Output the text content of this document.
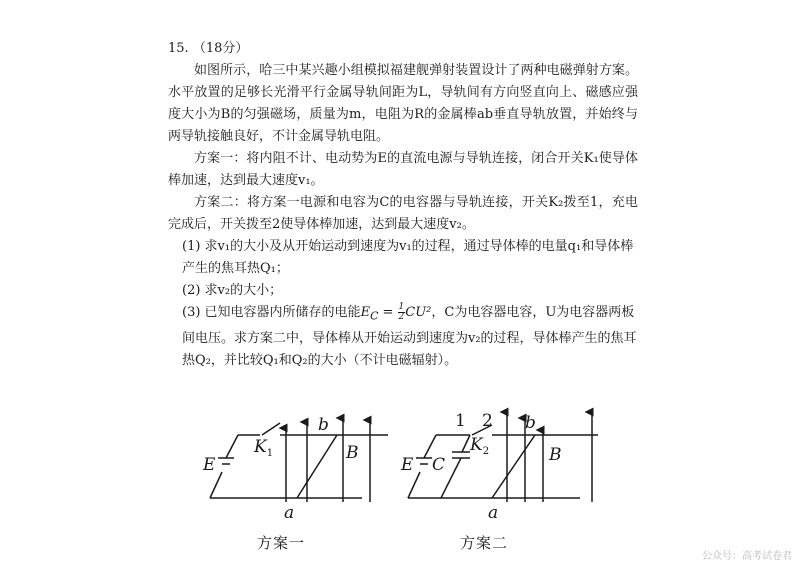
15. （18分）

如图所示，哈三中某兴趣小组模拟福建舰弹射装置设计了两种电磁弹射方案。水平放置的足够长光滑平行金属导轨间距为L，导轨间有方向竖直向上、磁感应强度大小为B的匀强磁场，质量为m，电阻为R的金属棒ab垂直导轨放置，并始终与两导轨接触良好，不计金属导轨电阻。

方案一：将内阻不计、电动势为E的直流电源与导轨连接，闭合开关K₁使导体棒加速，达到最大速度v₁。

方案二：将方案一电源和电容为C的电容器与导轨连接，开关K₂拨至1，充电完成后，开关拨至2使导体棒加速，达到最大速度v₂。

(1) 求v₁的大小及从开始运动到速度为v₁的过程，通过导体棒的电量q₁和导体棒产生的焦耳热Q₁；

(2) 求v₂的大小；

(3) 已知电容器内所储存的电能$E_C = \frac{1}{2} CU^2$，C为电容器电容，U为电容器两板间电压。求方案二中，导体棒从开始运动到速度为v₂的过程，导体棒产生的焦耳热Q₂，并比较Q₁和Q₂的大小（不计电磁辐射）。

E
$K_1$
b
B
a
E C
1 2
$K_2$
b
B
a
方案一	方案二
公众号：高考试卷君
